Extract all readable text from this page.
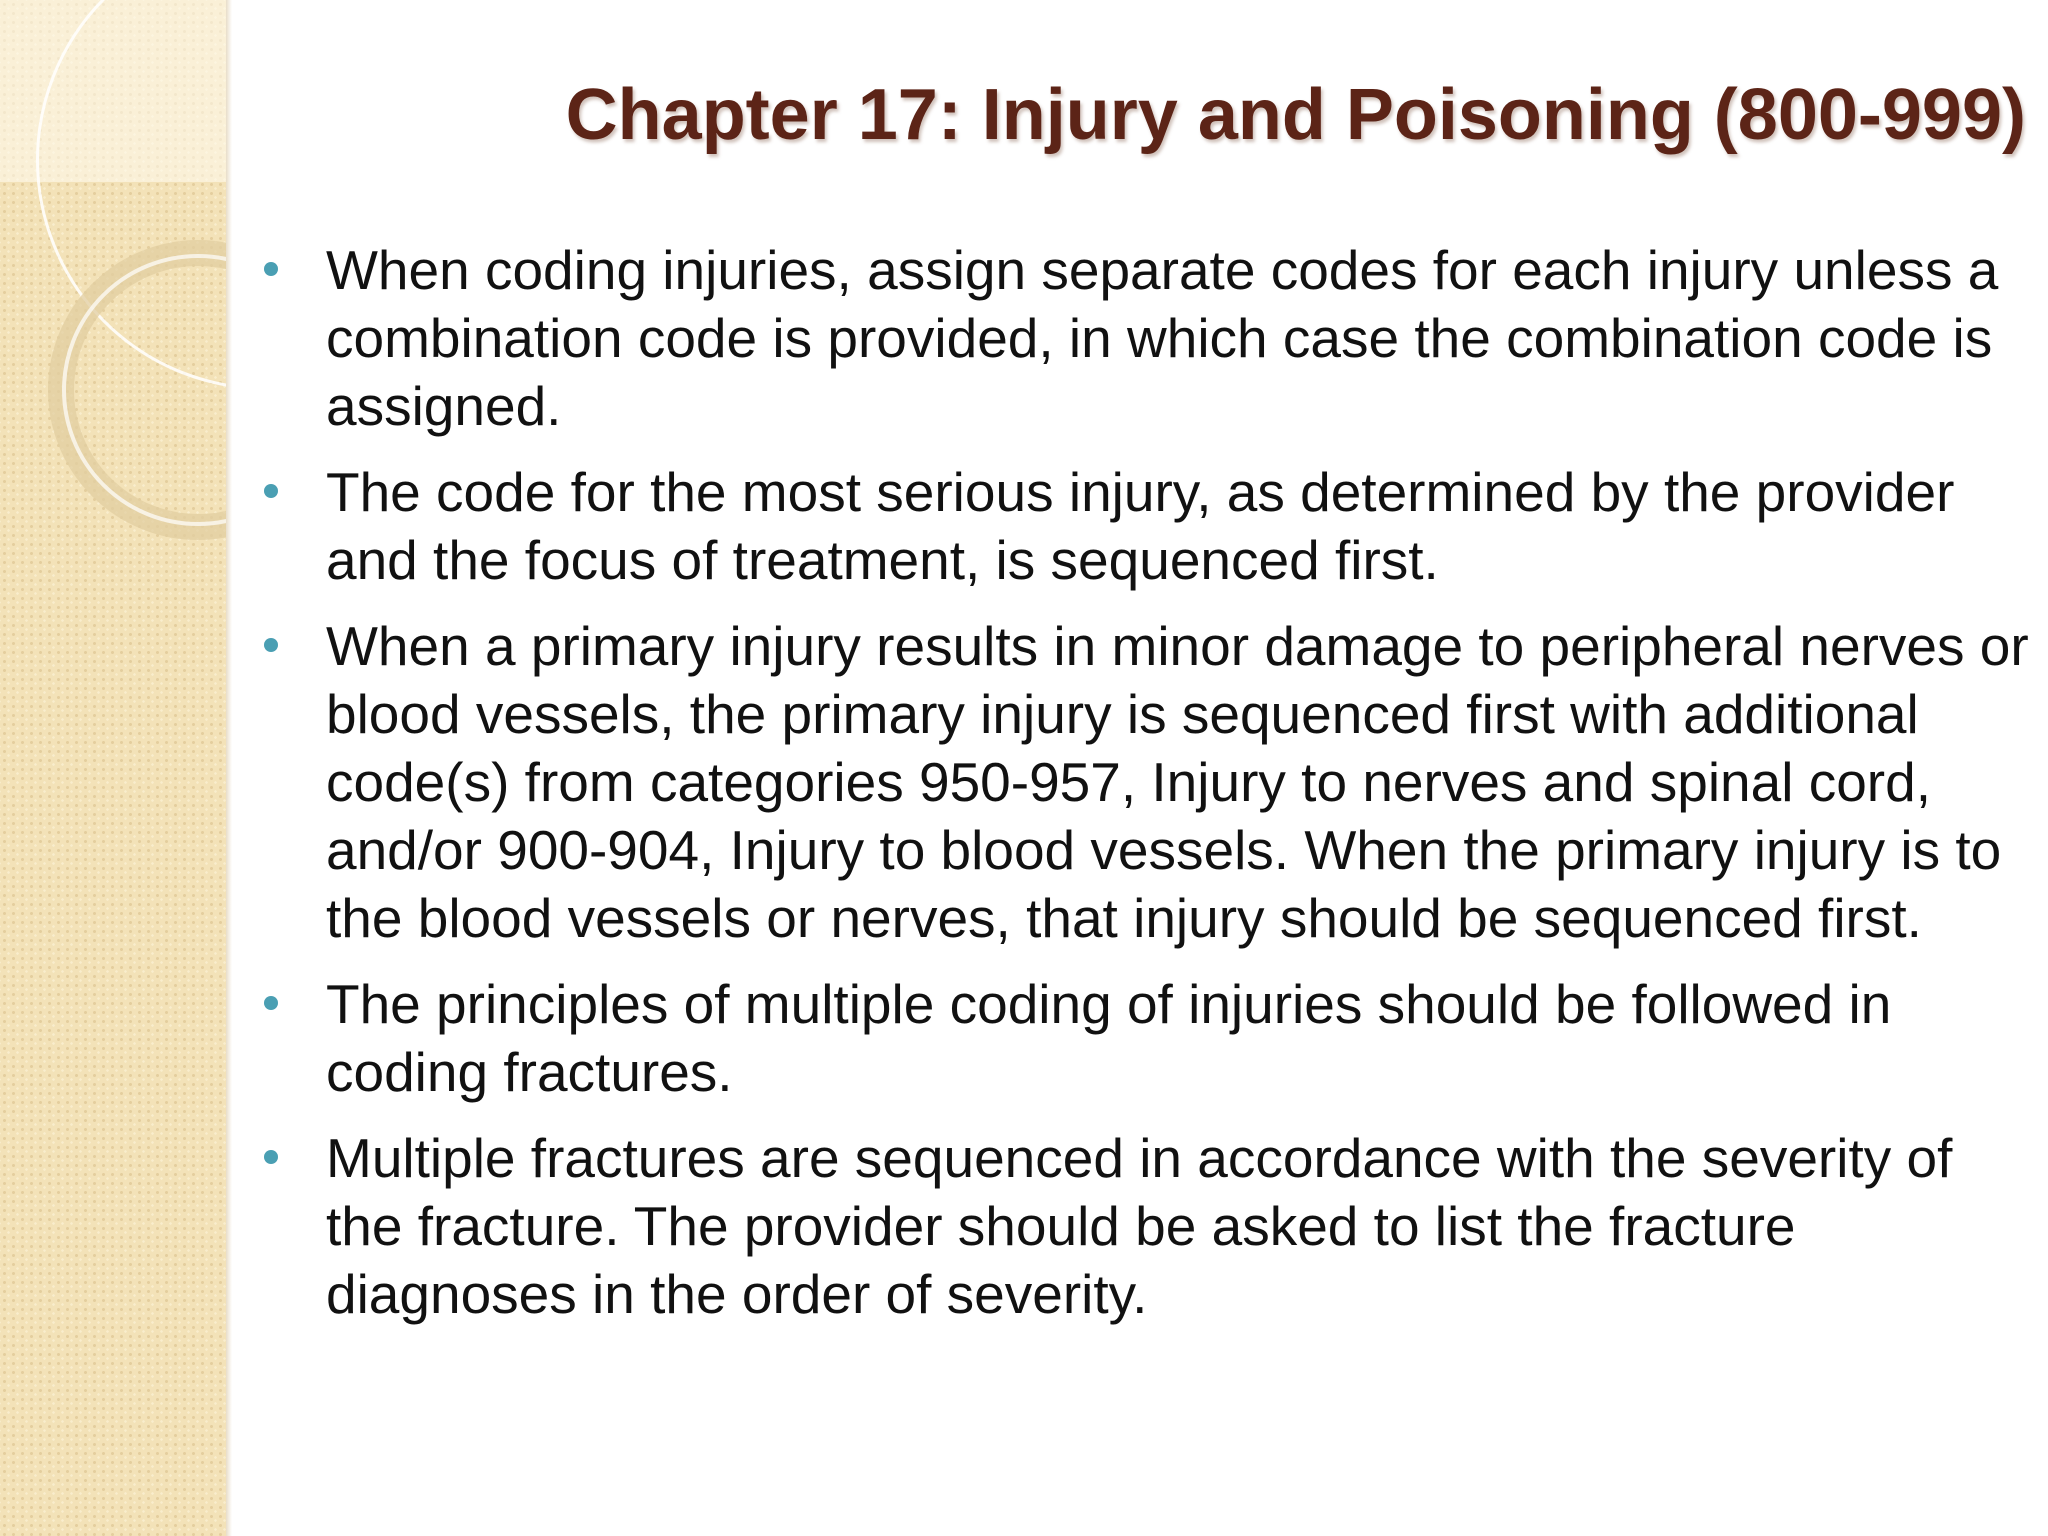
Chapter 17: Injury and Poisoning (800-999)
When coding injuries, assign separate codes for each injury unless a combination code is provided, in which case the combination code is assigned.
The code for the most serious injury, as determined by the provider and the focus of treatment, is sequenced first.
When a primary injury results in minor damage to peripheral nerves or blood vessels, the primary injury is sequenced first with additional code(s) from categories 950-957, Injury to nerves and spinal cord, and/or 900-904, Injury to blood vessels. When the primary injury is to the blood vessels or nerves, that injury should be sequenced first.
The principles of multiple coding of injuries should be followed in coding fractures.
Multiple fractures are sequenced in accordance with the severity of the fracture. The provider should be asked to list the fracture diagnoses in the order of severity.
